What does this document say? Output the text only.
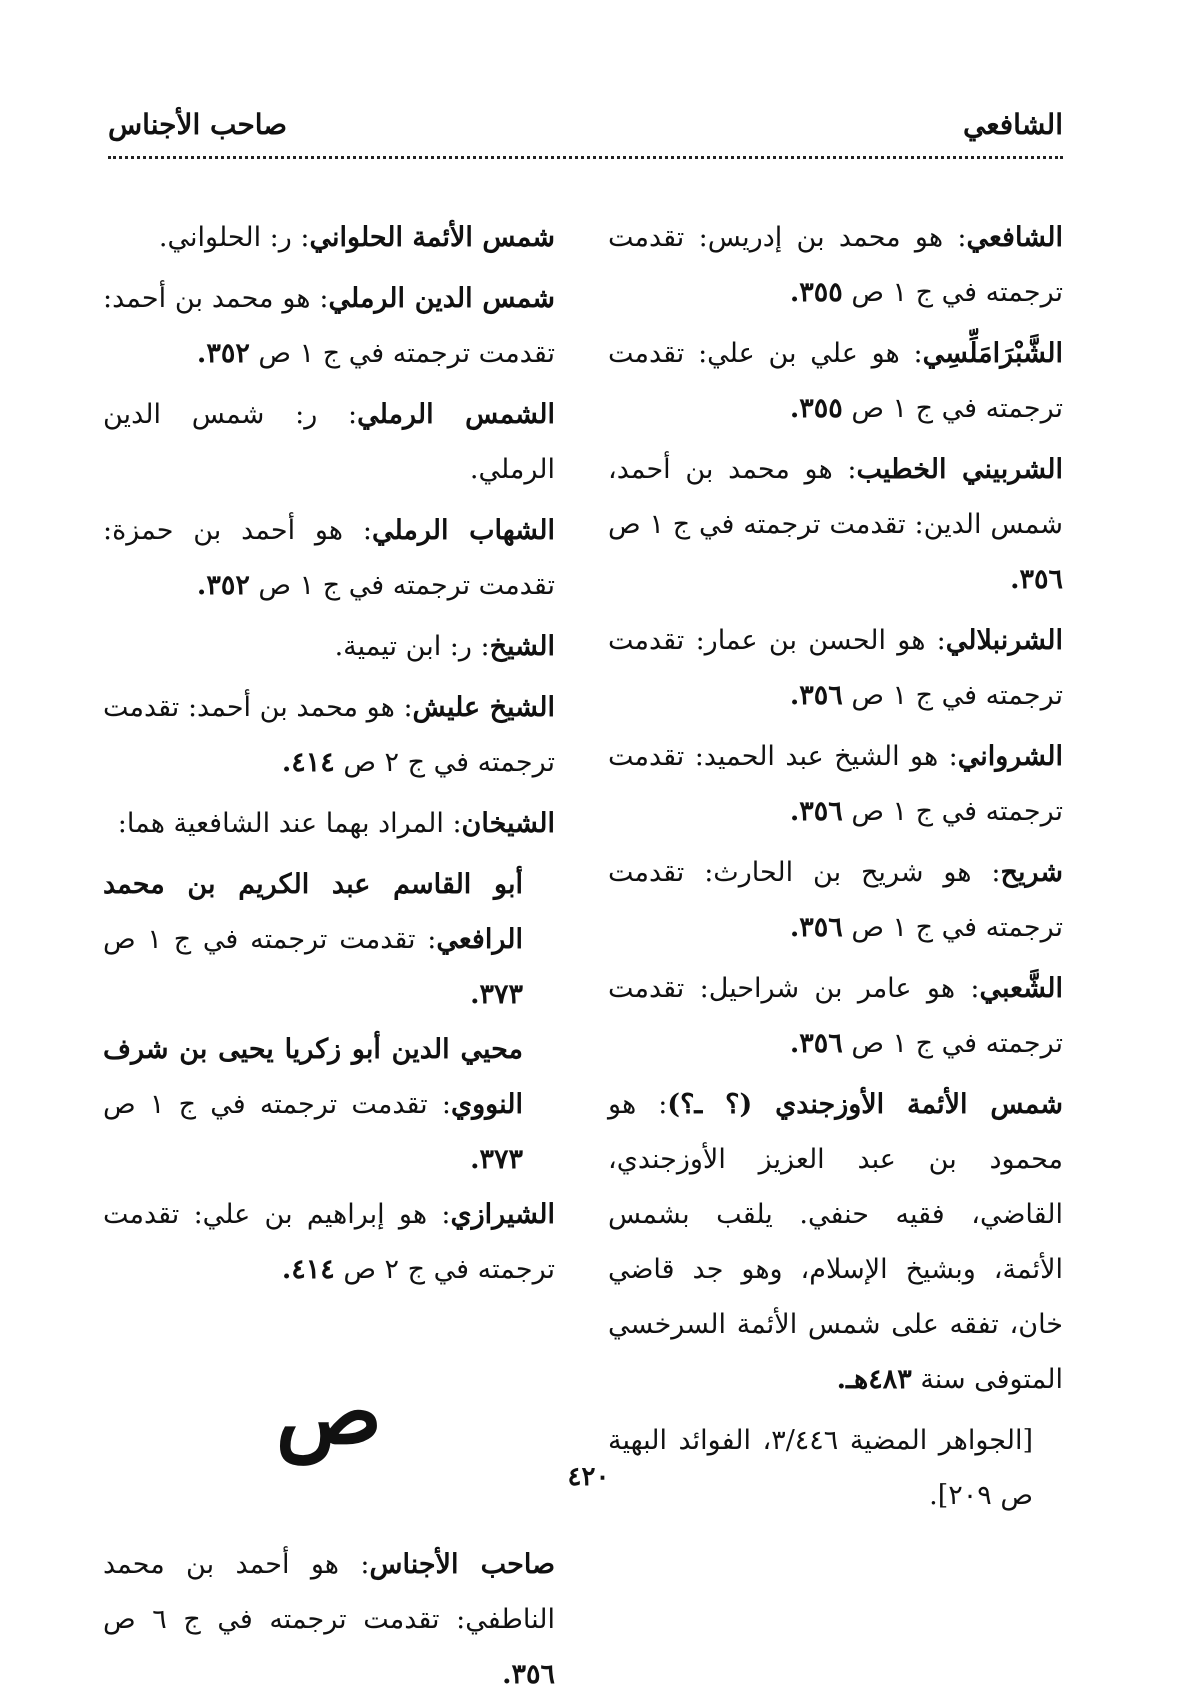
الشافعي
صاحب الأجناس

الشافعي: هو محمد بن إدريس: تقدمت ترجمته في ج ١ ص ٣٥٥.

الشَّبْرَامَلِّسِي: هو علي بن علي: تقدمت ترجمته في ج ١ ص ٣٥٥.

الشربيني الخطيب: هو محمد بن أحمد، شمس الدين: تقدمت ترجمته في ج ١ ص ٣٥٦.

الشرنبلالي: هو الحسن بن عمار: تقدمت ترجمته في ج ١ ص ٣٥٦.

الشرواني: هو الشيخ عبد الحميد: تقدمت ترجمته في ج ١ ص ٣٥٦.

شريح: هو شريح بن الحارث: تقدمت ترجمته في ج ١ ص ٣٥٦.

الشَّعبي: هو عامر بن شراحيل: تقدمت ترجمته في ج ١ ص ٣٥٦.

شمس الأئمة الأوزجندي (؟ ـ؟): هو محمود بن عبد العزيز الأوزجندي، القاضي، فقيه حنفي. يلقب بشمس الأئمة، وبشيخ الإسلام، وهو جد قاضي خان، تفقه على شمس الأئمة السرخسي المتوفى سنة ٤٨٣هـ.

[الجواهر المضية ٣/٤٤٦، الفوائد البهية ص ٢٠٩].

شمس الأئمة الحلواني: ر: الحلواني.

شمس الدين الرملي: هو محمد بن أحمد: تقدمت ترجمته في ج ١ ص ٣٥٢.

الشمس الرملي: ر: شمس الدين الرملي.

الشهاب الرملي: هو أحمد بن حمزة: تقدمت ترجمته في ج ١ ص ٣٥٢.

الشيخ: ر: ابن تيمية.

الشيخ عليش: هو محمد بن أحمد: تقدمت ترجمته في ج ٢ ص ٤١٤.

الشيخان: المراد بهما عند الشافعية هما:

أبو القاسم عبد الكريم بن محمد الرافعي: تقدمت ترجمته في ج ١ ص ٣٧٣.

محيي الدين أبو زكريا يحيى بن شرف النووي: تقدمت ترجمته في ج ١ ص ٣٧٣.

الشيرازي: هو إبراهيم بن علي: تقدمت ترجمته في ج ٢ ص ٤١٤.

ص

صاحب الأجناس: هو أحمد بن محمد الناطفي: تقدمت ترجمته في ج ٦ ص ٣٥٦.

٤٢٠
